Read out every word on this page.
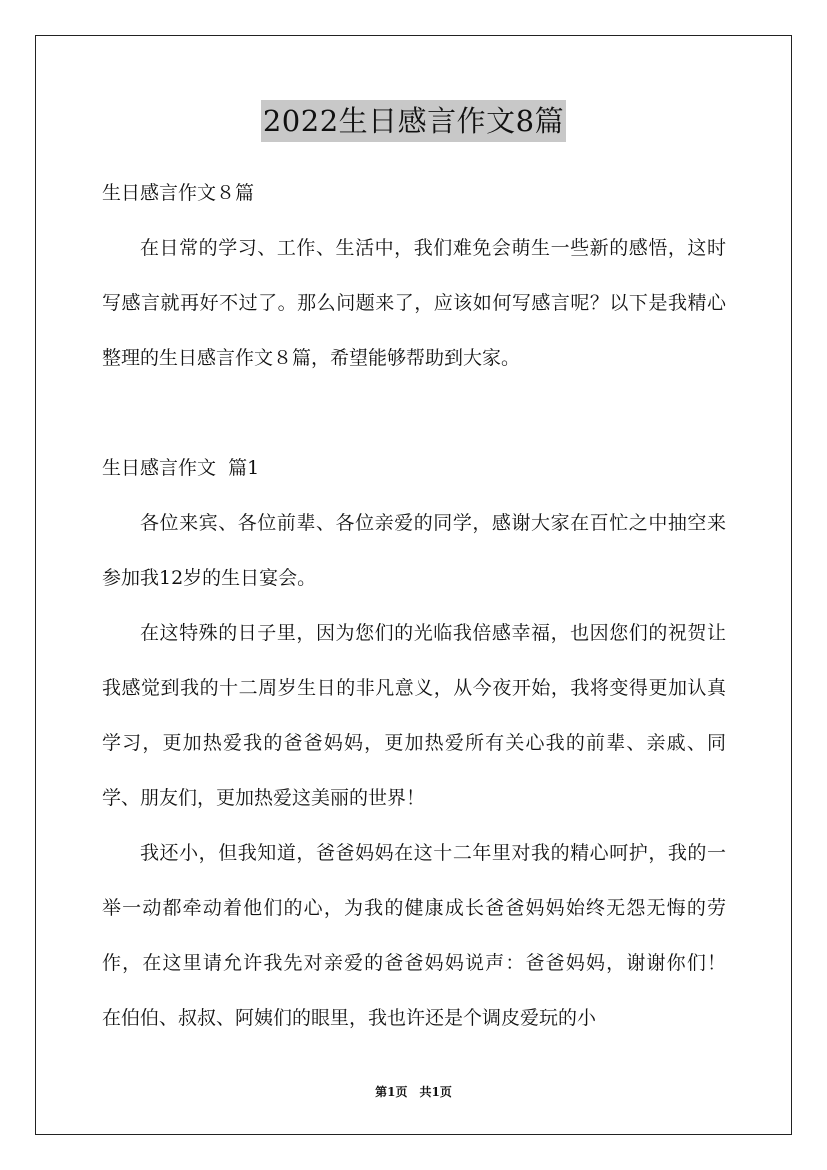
2022生日感言作文8篇

生日感言作文８篇

在日常的学习、工作、生活中，我们难免会萌生一些新的感悟，这时写感言就再好不过了。那么问题来了，应该如何写感言呢？以下是我精心整理的生日感言作文８篇，希望能够帮助到大家。

生日感言作文  篇1

各位来宾、各位前辈、各位亲爱的同学，感谢大家在百忙之中抽空来参加我12岁的生日宴会。

在这特殊的日子里，因为您们的光临我倍感幸福，也因您们的祝贺让我感觉到我的十二周岁生日的非凡意义，从今夜开始，我将变得更加认真学习，更加热爱我的爸爸妈妈，更加热爱所有关心我的前辈、亲戚、同学、朋友们，更加热爱这美丽的世界！

我还小，但我知道，爸爸妈妈在这十二年里对我的精心呵护，我的一举一动都牵动着他们的心，为我的健康成长爸爸妈妈始终无怨无悔的劳作，在这里请允许我先对亲爱的爸爸妈妈说声：爸爸妈妈，谢谢你们！　在伯伯、叔叔、阿姨们的眼里，我也许还是个调皮爱玩的小

第1页　共1页
